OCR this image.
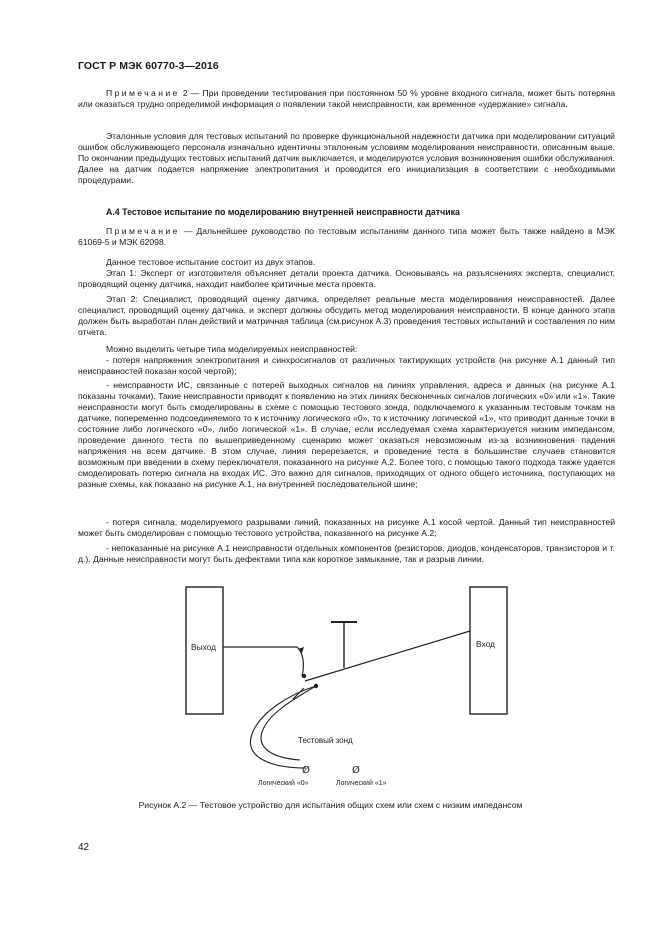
ГОСТ Р МЭК 60770-3—2016

Примечание 2 — При проведении тестирования при постоянном 50 % уровне входного сигнала, может быть потеряна или оказаться трудно определимой информация о появлении такой неисправности, как временное «удержание» сигнала.

Эталонные условия для тестовых испытаний по проверке функциональной надежности датчика при моделировании ситуаций ошибок обслуживающего персонала изначально идентичны эталонным условиям моделирования неисправности, описанным выше. По окончании предыдущих тестовых испытаний датчик выключается, и моделируются условия возникновения ошибки обслуживания. Далее на датчик подается напряжение электропитания и проводится его инициализация в соответствии с необходимыми процедурами.

А.4 Тестовое испытание по моделированию внутренней неисправности датчика

Примечание — Дальнейшее руководство по тестовым испытаниям данного типа может быть также найдено в МЭК 61069-5 и МЭК 62098.

Данное тестовое испытание состоит из двух этапов.

Этап 1: Эксперт от изготовителя объясняет детали проекта датчика. Основываясь на разъяснениях эксперта, специалист, проводящий оценку датчика, находит наиболее критичные места проекта.

Этап 2: Специалист, проводящий оценку датчика, определяет реальные места моделирования неисправностей. Далее специалист, проводящий оценку датчика, и эксперт должны обсудить метод моделирования неисправности. В конце данного этапа должен быть выработан план действий и матричная таблица (см.рисунок А.3) проведения тестовых испытаний и составления по ним отчета.

Можно выделить четыре типа моделируемых неисправностей:

- потеря напряжения электропитания и синхросигналов от различных тактирующих устройств (на рисунке А.1 данный тип неисправностей показан косой чертой);

- неисправности ИС, связанные с потерей выходных сигналов на линиях управления, адреса и данных (на рисунке А.1 показаны точками). Такие неисправности приводят к появлению на этих линиях бесконечных сигналов логических «0» или «1». Такие неисправности могут быть смоделированы в схеме с помощью тестового зонда, подключаемого к указанным тестовым точкам на датчике, попеременно подсоединяемого то к источнику логического «0», то к источнику логической «1», что приводит данные точки в состояние либо логического «0», либо логической «1». В случае, если исследуемая схема характеризуется низким импедансом, проведение данного теста по вышеприведенному сценарию может оказаться невозможным из-за возникновения падения напряжения на всем датчике. В этом случае, линия перерезается, и проведение теста в большинстве случаев становится возможным при введении в схему переключателя, показанного на рисунке А.2. Более того, с помощью такого подхода также удается смоделировать потерю сигнала на входах ИС. Это важно для сигналов, приходящих от одного общего источника, поступающих на разные схемы, как показано на рисунке А.1, на внутренней последовательной шине;

- потеря сигнала, моделируемого разрывами линий, показанных на рисунке А.1 косой чертой. Данный тип неисправностей может быть смоделирован с помощью тестового устройства, показанного на рисунке А.2;

- непоказанные на рисунке А.1 неисправности отдельных компонентов (резисторов, диодов, конденсаторов, транзисторов и т. д.). Данные неисправности могут быть дефектами типа как короткое замыкание, так и разрыв линии.

Выход	Вход
Тестовый зонд
Ø	Ø
Логический «0»	Логический «1»
Рисунок А.2 — Тестовое устройство для испытания общих схем или схем с низким импедансом
42
